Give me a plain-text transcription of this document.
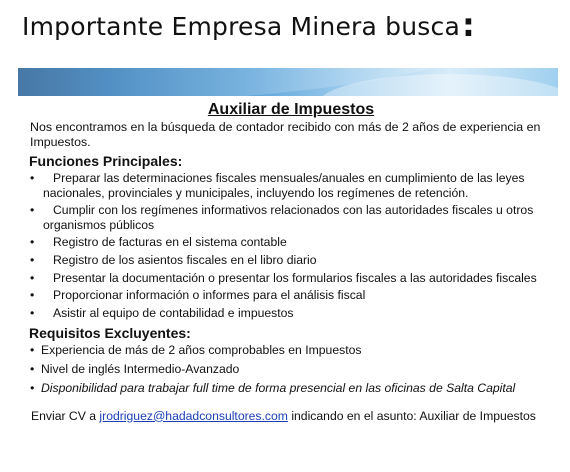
Importante Empresa Minera busca:
Auxiliar de Impuestos

Nos encontramos en la búsqueda de contador recibido con más de 2 años de experiencia en Impuestos.

Funciones Principales:
• Preparar las determinaciones fiscales mensuales/anuales en cumplimiento de las leyes nacionales, provinciales y municipales, incluyendo los regímenes de retención.
• Cumplir con los regímenes informativos relacionados con las autoridades fiscales u otros organismos públicos
• Registro de facturas en el sistema contable
• Registro de los asientos fiscales en el libro diario
• Presentar la documentación o presentar los formularios fiscales a las autoridades fiscales
• Proporcionar información o informes para el análisis fiscal
• Asistir al equipo de contabilidad e impuestos
Requisitos Excluyentes:
• Experiencia de más de 2 años comprobables en Impuestos
• Nivel de inglés Intermedio-Avanzado
• Disponibilidad para trabajar full time de forma presencial en las oficinas de Salta Capital
Enviar CV a jrodriguez@hadadconsultores.com indicando en el asunto: Auxiliar de Impuestos
